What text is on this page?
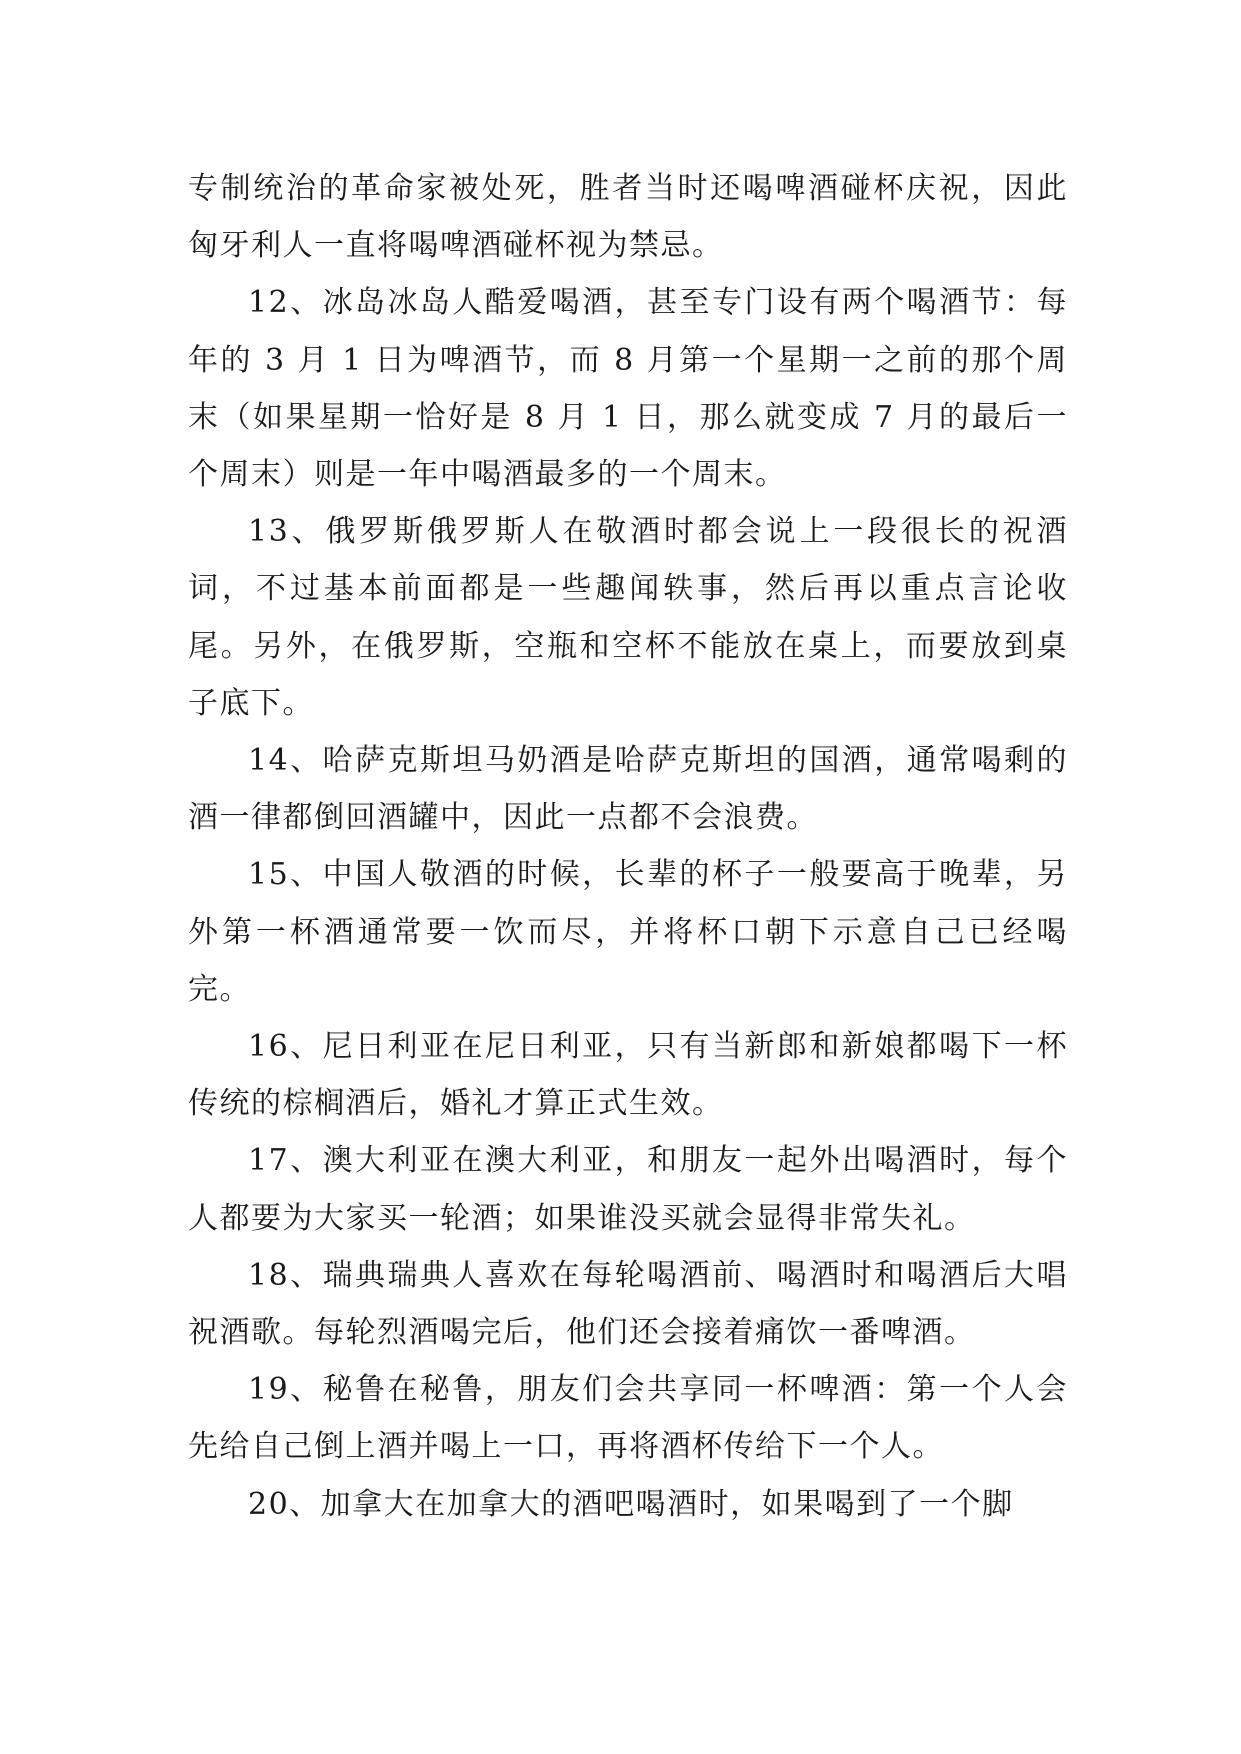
专制统治的革命家被处死，胜者当时还喝啤酒碰杯庆祝，因此匈牙利人一直将喝啤酒碰杯视为禁忌。

12、冰岛冰岛人酷爱喝酒，甚至专门设有两个喝酒节：每年的 3 月 1 日为啤酒节，而 8 月第一个星期一之前的那个周末（如果星期一恰好是 8 月 1 日，那么就变成 7 月的最后一个周末）则是一年中喝酒最多的一个周末。

13、俄罗斯俄罗斯人在敬酒时都会说上一段很长的祝酒词，不过基本前面都是一些趣闻轶事，然后再以重点言论收尾。另外，在俄罗斯，空瓶和空杯不能放在桌上，而要放到桌子底下。

14、哈萨克斯坦马奶酒是哈萨克斯坦的国酒，通常喝剩的酒一律都倒回酒罐中，因此一点都不会浪费。

15、中国人敬酒的时候，长辈的杯子一般要高于晚辈，另外第一杯酒通常要一饮而尽，并将杯口朝下示意自己已经喝完。

16、尼日利亚在尼日利亚，只有当新郎和新娘都喝下一杯传统的棕榈酒后，婚礼才算正式生效。

17、澳大利亚在澳大利亚，和朋友一起外出喝酒时，每个人都要为大家买一轮酒；如果谁没买就会显得非常失礼。

18、瑞典瑞典人喜欢在每轮喝酒前、喝酒时和喝酒后大唱祝酒歌。每轮烈酒喝完后，他们还会接着痛饮一番啤酒。

19、秘鲁在秘鲁，朋友们会共享同一杯啤酒：第一个人会先给自己倒上酒并喝上一口，再将酒杯传给下一个人。

20、加拿大在加拿大的酒吧喝酒时，如果喝到了一个脚
